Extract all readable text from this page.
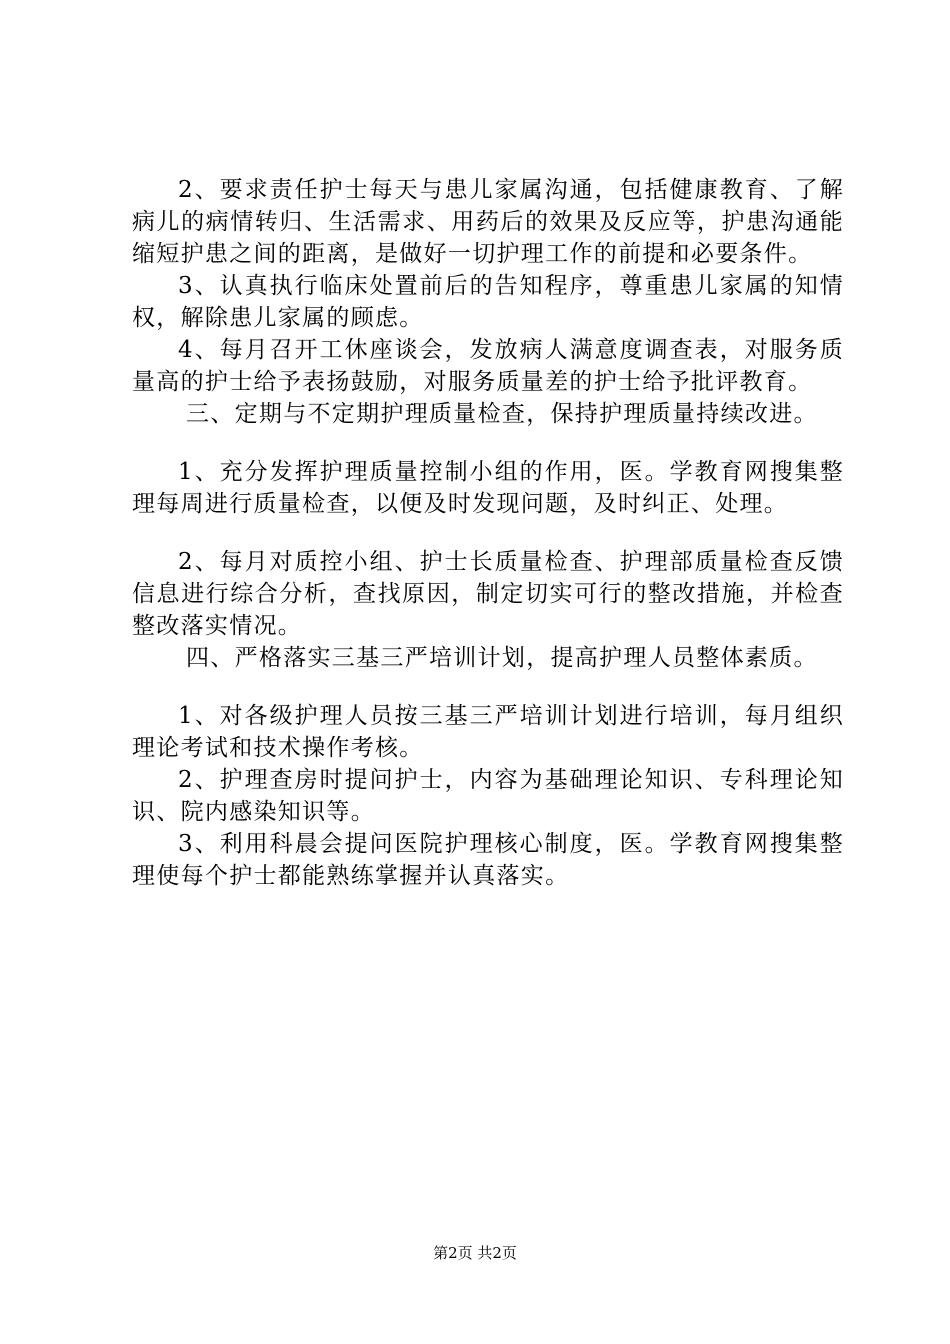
2、要求责任护士每天与患儿家属沟通，包括健康教育、了解病儿的病情转归、生活需求、用药后的效果及反应等，护患沟通能缩短护患之间的距离，是做好一切护理工作的前提和必要条件。

3、认真执行临床处置前后的告知程序，尊重患儿家属的知情权，解除患儿家属的顾虑。

4、每月召开工休座谈会，发放病人满意度调查表，对服务质量高的护士给予表扬鼓励，对服务质量差的护士给予批评教育。

三、定期与不定期护理质量检查，保持护理质量持续改进。

1、充分发挥护理质量控制小组的作用，医。学教育网搜集整理每周进行质量检查，以便及时发现问题，及时纠正、处理。

2、每月对质控小组、护士长质量检查、护理部质量检查反馈信息进行综合分析，查找原因，制定切实可行的整改措施，并检查整改落实情况。

四、严格落实三基三严培训计划，提高护理人员整体素质。

1、对各级护理人员按三基三严培训计划进行培训，每月组织理论考试和技术操作考核。

2、护理查房时提问护士，内容为基础理论知识、专科理论知识、院内感染知识等。

3、利用科晨会提问医院护理核心制度，医。学教育网搜集整理使每个护士都能熟练掌握并认真落实。

第2页 共2页
